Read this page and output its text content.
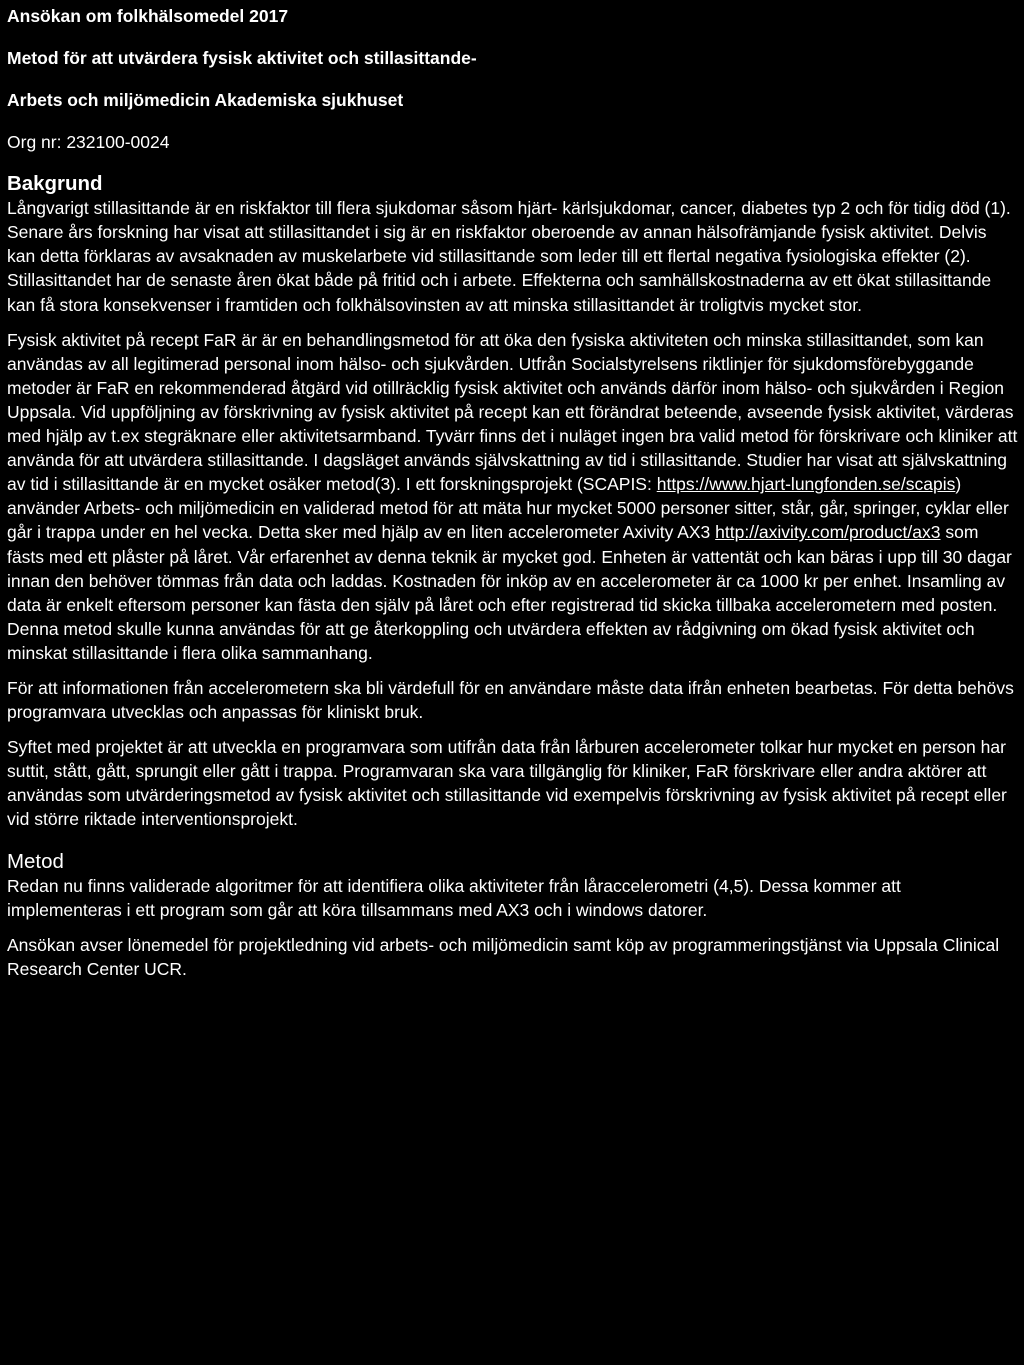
Ansökan om folkhälsomedel 2017
Metod för att utvärdera fysisk aktivitet och stillasittande-
Arbets och miljömedicin Akademiska sjukhuset
Org nr: 232100-0024
Bakgrund

Långvarigt stillasittande är en riskfaktor till flera sjukdomar såsom hjärt- kärlsjukdomar, cancer, diabetes typ 2 och för tidig död (1). Senare års forskning har visat att stillasittandet i sig är en riskfaktor oberoende av annan hälsofrämjande fysisk aktivitet. Delvis kan detta förklaras av avsaknaden av muskelarbete vid stillasittande som leder till ett flertal negativa fysiologiska effekter (2). Stillasittandet har de senaste åren ökat både på fritid och i arbete. Effekterna och samhällskostnaderna av ett ökat stillasittande kan få stora konsekvenser i framtiden och folkhälsovinsten av att minska stillasittandet är troligtvis mycket stor.

Fysisk aktivitet på recept FaR är är en behandlingsmetod för att öka den fysiska aktiviteten och minska stillasittandet, som kan användas av all legitimerad personal inom hälso- och sjukvården. Utfrån Socialstyrelsens riktlinjer för sjukdomsförebyggande metoder är FaR en rekommenderad åtgärd vid otillräcklig fysisk aktivitet och används därför inom hälso- och sjukvården i Region Uppsala. Vid uppföljning av förskrivning av fysisk aktivitet på recept kan ett förändrat beteende, avseende fysisk aktivitet, värderas med hjälp av t.ex stegräknare eller aktivitetsarmband. Tyvärr finns det i nuläget ingen bra valid metod för förskrivare och kliniker att använda för att utvärdera stillasittande. I dagsläget används självskattning av tid i stillasittande. Studier har visat att självskattning av tid i stillasittande är en mycket osäker metod(3). I ett forskningsprojekt (SCAPIS: https://www.hjart-lungfonden.se/scapis) använder Arbets- och miljömedicin en validerad metod för att mäta hur mycket 5000 personer sitter, står, går, springer, cyklar eller går i trappa under en hel vecka. Detta sker med hjälp av en liten accelerometer Axivity AX3 http://axivity.com/product/ax3 som fästs med ett plåster på låret. Vår erfarenhet av denna teknik är mycket god. Enheten är vattentät och kan bäras i upp till 30 dagar innan den behöver tömmas från data och laddas. Kostnaden för inköp av en accelerometer är ca 1000 kr per enhet. Insamling av data är enkelt eftersom personer kan fästa den själv på låret och efter registrerad tid skicka tillbaka accelerometern med posten. Denna metod skulle kunna användas för att ge återkoppling och utvärdera effekten av rådgivning om ökad fysisk aktivitet och minskat stillasittande i flera olika sammanhang.

För att informationen från accelerometern ska bli värdefull för en användare måste data ifrån enheten bearbetas. För detta behövs programvara utvecklas och anpassas för kliniskt bruk.

Syftet med projektet är att utveckla en programvara som utifrån data från lårburen accelerometer tolkar hur mycket en person har suttit, stått, gått, sprungit eller gått i trappa. Programvaran ska vara tillgänglig för kliniker, FaR förskrivare eller andra aktörer att användas som utvärderingsmetod av fysisk aktivitet och stillasittande vid exempelvis förskrivning av fysisk aktivitet på recept eller vid större riktade interventionsprojekt.

Metod

Redan nu finns validerade algoritmer för att identifiera olika aktiviteter från låraccelerometri (4,5). Dessa kommer att implementeras i ett program som går att köra tillsammans med AX3 och i windows datorer.

Ansökan avser lönemedel för projektledning vid arbets- och miljömedicin samt köp av programmeringstjänst via Uppsala Clinical Research Center UCR.
